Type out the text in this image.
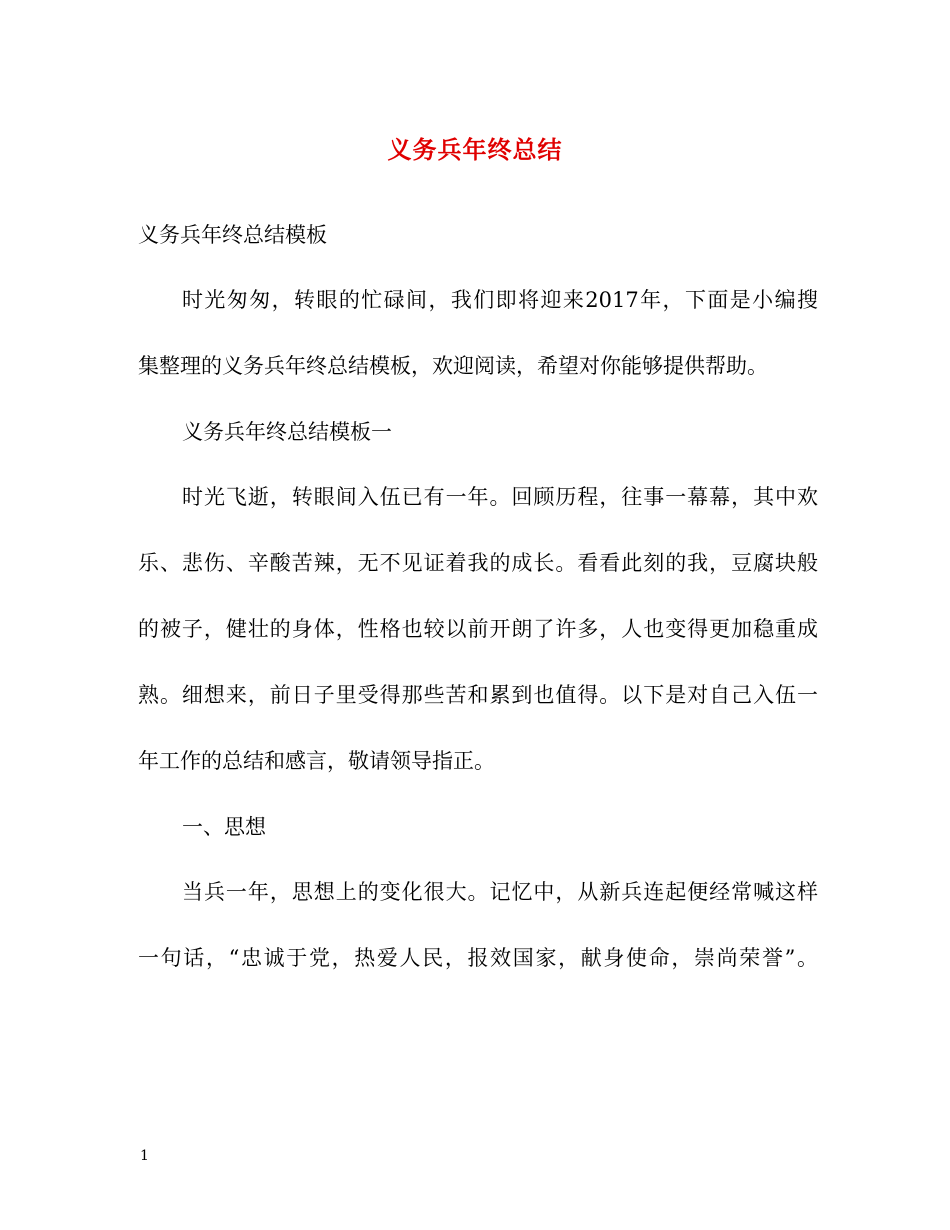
义务兵年终总结
义务兵年终总结模板
时光匆匆，转眼的忙碌间，我们即将迎来2017年，下面是小编搜
集整理的义务兵年终总结模板，欢迎阅读，希望对你能够提供帮助。
义务兵年终总结模板一
时光飞逝，转眼间入伍已有一年。回顾历程，往事一幕幕，其中欢
乐、悲伤、辛酸苦辣，无不见证着我的成长。看看此刻的我，豆腐块般
的被子，健壮的身体，性格也较以前开朗了许多，人也变得更加稳重成
熟。细想来，前日子里受得那些苦和累到也值得。以下是对自己入伍一
年工作的总结和感言，敬请领导指正。
一、思想
当兵一年，思想上的变化很大。记忆中，从新兵连起便经常喊这样
一句话，“忠诚于党，热爱人民，报效国家，献身使命，崇尚荣誉”。
1
